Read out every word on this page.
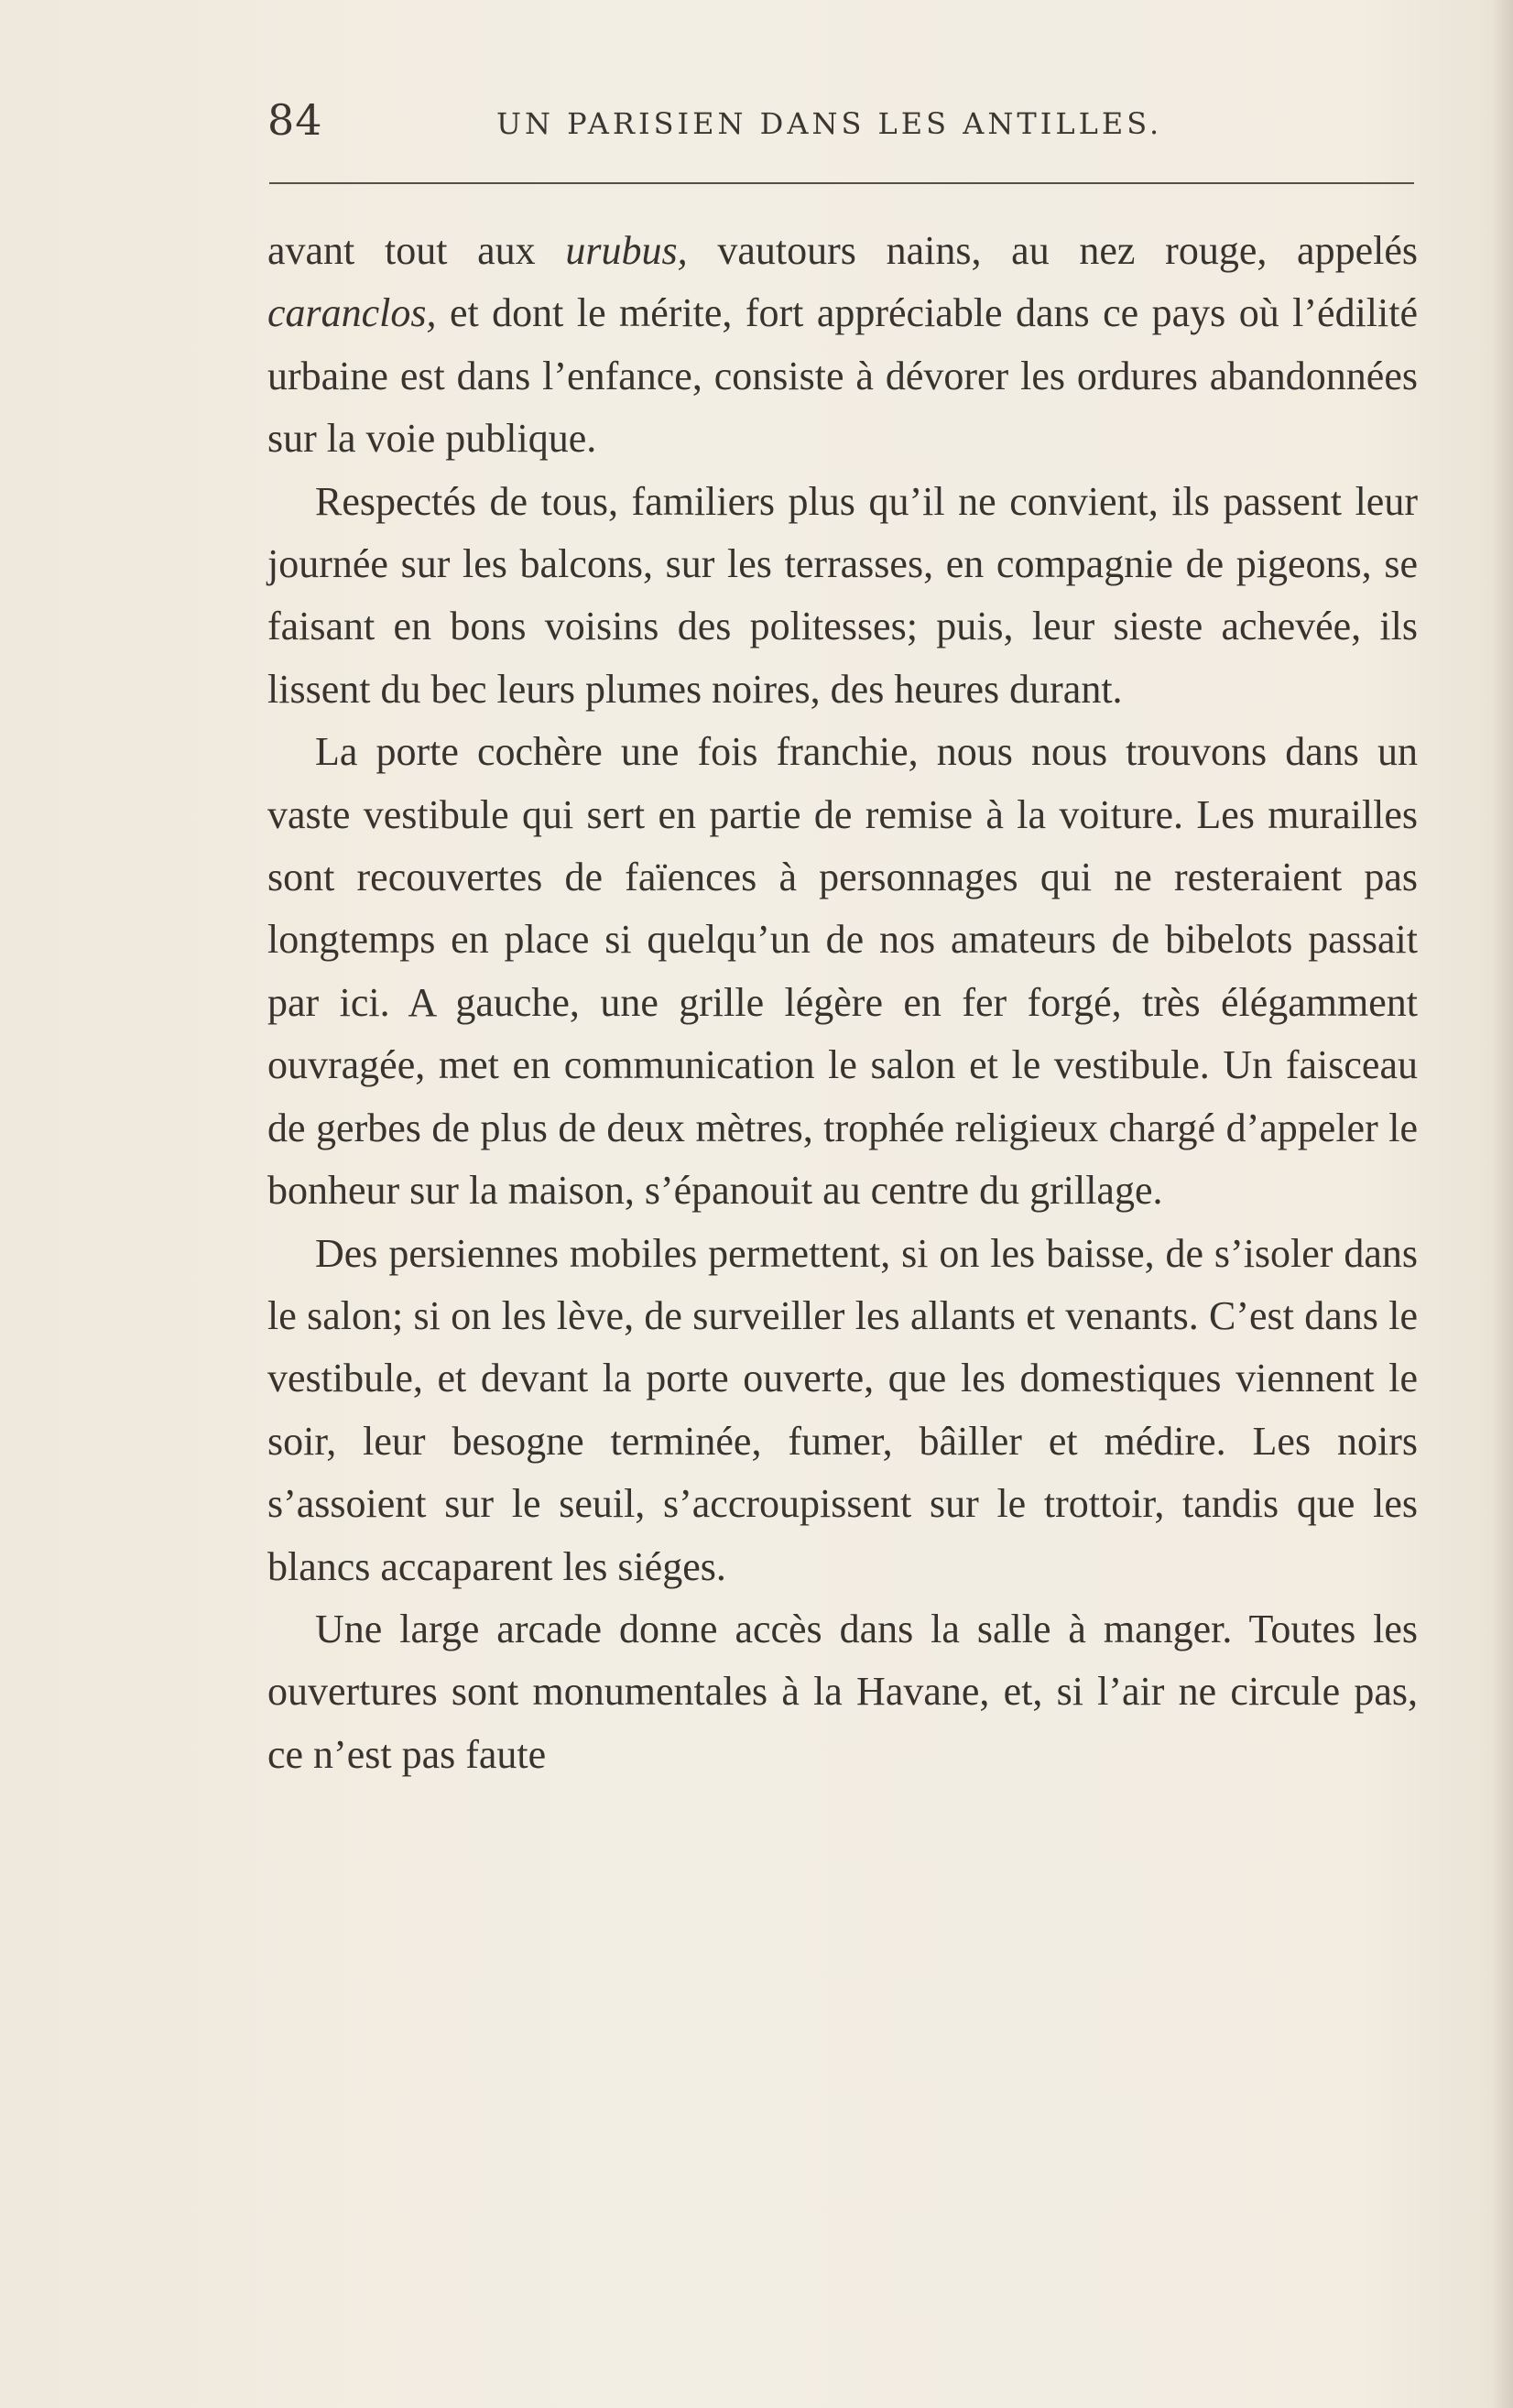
84	UN PARISIEN DANS LES ANTILLES.

avant tout aux urubus, vautours nains, au nez rouge, appelés caranclos, et dont le mérite, fort appréciable dans ce pays où l’édilité urbaine est dans l’enfance, consiste à dévorer les ordures abandonnées sur la voie publique.

Respectés de tous, familiers plus qu’il ne convient, ils passent leur journée sur les balcons, sur les terrasses, en compagnie de pigeons, se faisant en bons voisins des politesses; puis, leur sieste achevée, ils lissent du bec leurs plumes noires, des heures durant.

La porte cochère une fois franchie, nous nous trouvons dans un vaste vestibule qui sert en partie de remise à la voiture. Les murailles sont recouvertes de faïences à personnages qui ne resteraient pas longtemps en place si quelqu’un de nos amateurs de bibelots passait par ici. A gauche, une grille légère en fer forgé, très élégamment ouvragée, met en communication le salon et le vestibule. Un faisceau de gerbes de plus de deux mètres, trophée religieux chargé d’appeler le bonheur sur la maison, s’épanouit au centre du grillage.

Des persiennes mobiles permettent, si on les baisse, de s’isoler dans le salon; si on les lève, de surveiller les allants et venants. C’est dans le vestibule, et devant la porte ouverte, que les domestiques viennent le soir, leur besogne terminée, fumer, bâiller et médire. Les noirs s’assoient sur le seuil, s’accroupissent sur le trottoir, tandis que les blancs accaparent les siéges.

Une large arcade donne accès dans la salle à manger. Toutes les ouvertures sont monumentales à la Havane, et, si l’air ne circule pas, ce n’est pas faute
